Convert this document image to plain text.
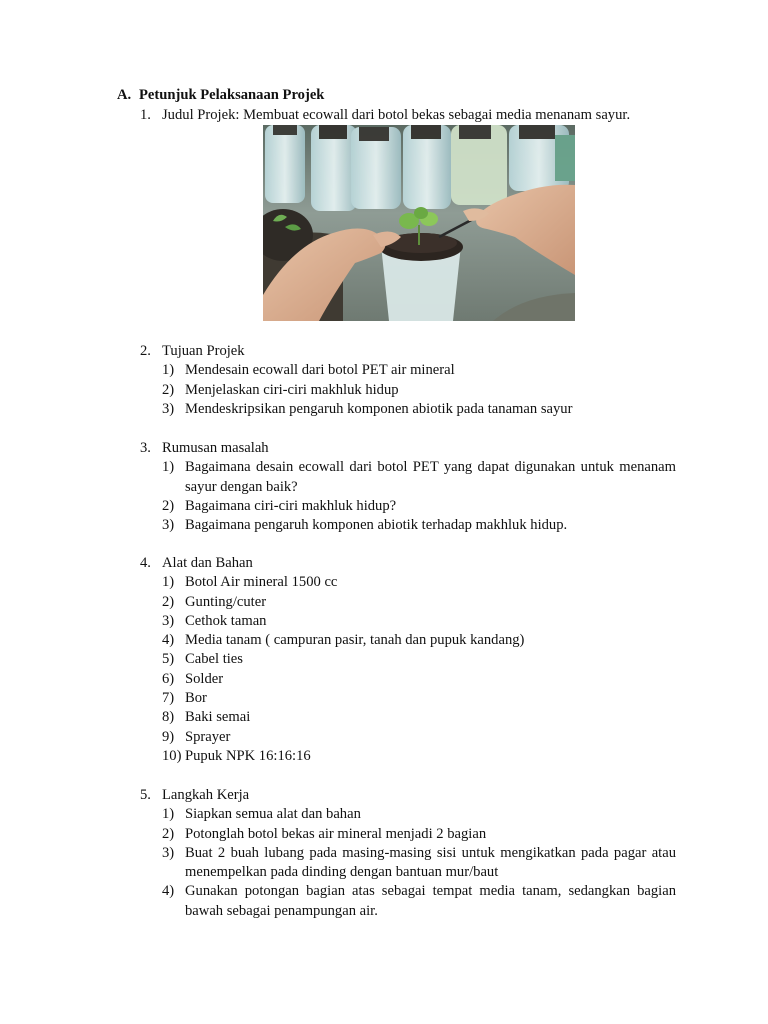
A. Petunjuk Pelaksanaan Projek
1. Judul Projek: Membuat ecowall dari botol bekas sebagai media menanam sayur.
2. Tujuan Projek
1) Mendesain ecowall dari botol PET air mineral
2) Menjelaskan ciri-ciri makhluk hidup
3) Mendeskripsikan pengaruh komponen abiotik pada tanaman sayur
3. Rumusan masalah
1) Bagaimana desain ecowall dari botol PET yang dapat digunakan untuk menanam sayur dengan baik?
2) Bagaimana ciri-ciri makhluk hidup?
3) Bagaimana pengaruh komponen abiotik terhadap makhluk hidup.
4. Alat dan Bahan
1) Botol Air mineral 1500 cc
2) Gunting/cuter
3) Cethok taman
4) Media tanam ( campuran pasir, tanah dan pupuk kandang)
5) Cabel ties
6) Solder
7) Bor
8) Baki semai
9) Sprayer
10) Pupuk NPK 16:16:16
5. Langkah Kerja
1) Siapkan semua alat dan bahan
2) Potonglah botol bekas air mineral menjadi 2 bagian
3) Buat 2 buah lubang pada masing-masing sisi untuk mengikatkan pada pagar atau menempelkan pada dinding dengan bantuan mur/baut
4) Gunakan potongan bagian atas sebagai tempat media tanam, sedangkan bagian bawah sebagai penampungan air.
